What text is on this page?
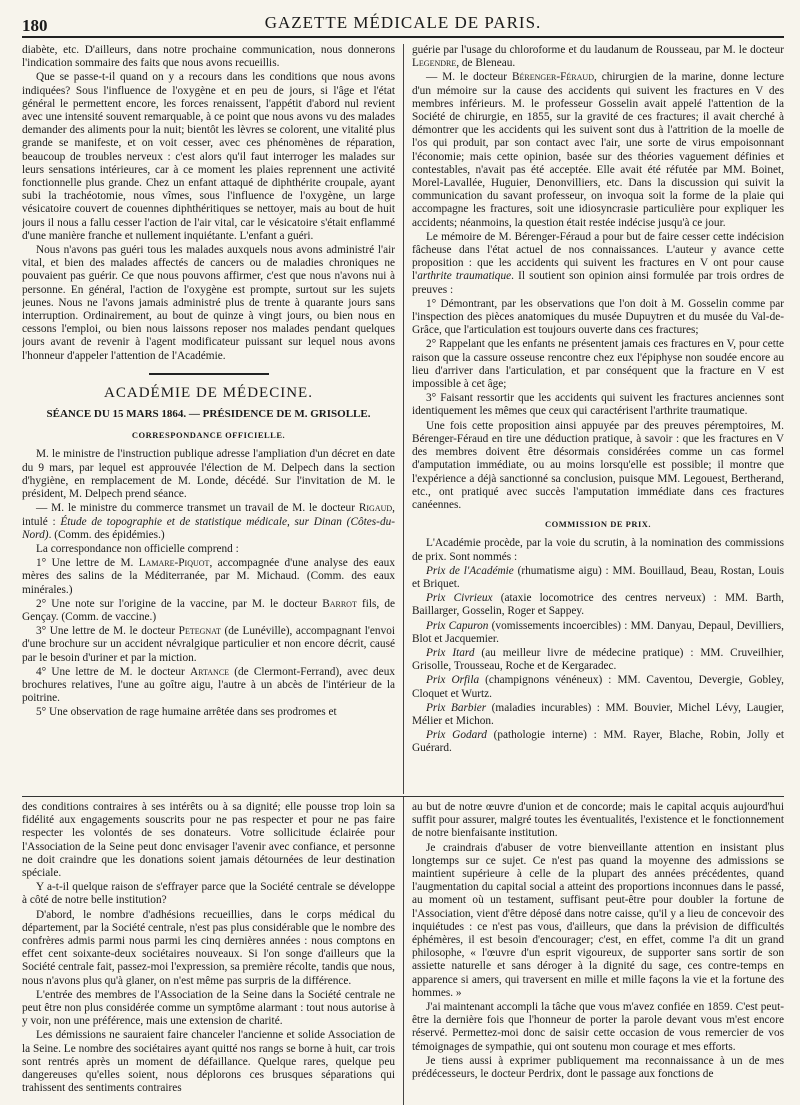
180	GAZETTE MÉDICALE DE PARIS.

diabète, etc. D'ailleurs, dans notre prochaine communication, nous donnerons l'indication sommaire des faits que nous avons recueillis.

Que se passe-t-il quand on y a recours dans les conditions que nous avons indiquées? Sous l'influence de l'oxygène et en peu de jours, si l'âge et l'état général le permettent encore, les forces renaissent, l'appétit d'abord nul revient avec une intensité souvent remarquable, à ce point que nous avons vu des malades demander des aliments pour la nuit; bientôt les lèvres se colorent, une vitalité plus grande se manifeste, et on voit cesser, avec ces phénomènes de réparation, beaucoup de troubles nerveux : c'est alors qu'il faut interroger les malades sur leurs sensations intérieures, car à ce moment les plaies reprennent une activité fonctionnelle plus grande. Chez un enfant attaqué de diphthérite croupale, ayant subi la trachéotomie, nous vîmes, sous l'influence de l'oxygène, un large vésicatoire couvert de couennes diphthéritiques se nettoyer, mais au bout de huit jours il nous a fallu cesser l'action de l'air vital, car le vésicatoire s'était enflammé d'une manière franche et nullement inquiétante. L'enfant a guéri.

Nous n'avons pas guéri tous les malades auxquels nous avons administré l'air vital, et bien des malades affectés de cancers ou de maladies chroniques ne pouvaient pas guérir. Ce que nous pouvons affirmer, c'est que nous n'avons nui à personne. En général, l'action de l'oxygène est prompte, surtout sur les sujets jeunes. Nous ne l'avons jamais administré plus de trente à quarante jours sans interruption. Ordinairement, au bout de quinze à vingt jours, ou bien nous en cessons l'emploi, ou bien nous laissons reposer nos malades pendant quelques jours avant de revenir à l'agent modificateur puissant sur lequel nous avons l'honneur d'appeler l'attention de l'Académie.

ACADÉMIE DE MÉDECINE.
SÉANCE DU 15 MARS 1864. — PRÉSIDENCE DE M. GRISOLLE.
CORRESPONDANCE OFFICIELLE.

M. le ministre de l'instruction publique adresse l'ampliation d'un décret en date du 9 mars, par lequel est approuvée l'élection de M. Delpech dans la section d'hygiène, en remplacement de M. Londe, décédé. Sur l'invitation de M. le président, M. Delpech prend séance.

— M. le ministre du commerce transmet un travail de M. le docteur Rigaud, intulé : Étude de topographie et de statistique médicale, sur Dinan (Côtes-du-Nord). (Comm. des épidémies.)

La correspondance non officielle comprend :

1° Une lettre de M. Lamare-Piquot, accompagnée d'une analyse des eaux mères des salins de la Méditerranée, par M. Michaud. (Comm. des eaux minérales.)

2° Une note sur l'origine de la vaccine, par M. le docteur Barrot fils, de Gençay. (Comm. de vaccine.)

3° Une lettre de M. le docteur Petegnat (de Lunéville), accompagnant l'envoi d'une brochure sur un accident névralgique particulier et non encore décrit, causé par le besoin d'uriner et par la miction.

4° Une lettre de M. le docteur Artance (de Clermont-Ferrand), avec deux brochures relatives, l'une au goître aigu, l'autre à un abcès de l'intérieur de la poitrine.

5° Une observation de rage humaine arrêtée dans ses prodromes et

guérie par l'usage du chloroforme et du laudanum de Rousseau, par M. le docteur Legendre, de Bleneau.

— M. le docteur Bérenger-Féraud, chirurgien de la marine, donne lecture d'un mémoire sur la cause des accidents qui suivent les fractures en V des membres inférieurs. M. le professeur Gosselin avait appelé l'attention de la Société de chirurgie, en 1855, sur la gravité de ces fractures; il avait cherché à démontrer que les accidents qui les suivent sont dus à l'attrition de la moelle de l'os qui produit, par son contact avec l'air, une sorte de virus empoisonnant l'économie; mais cette opinion, basée sur des théories vaguement définies et contestables, n'avait pas été acceptée. Elle avait été réfutée par MM. Boinet, Morel-Lavallée, Huguier, Denonvilliers, etc. Dans la discussion qui suivit la communication du savant professeur, on invoqua soit la forme de la plaie qui accompagne les fractures, soit une idiosyncrasie particulière pour expliquer les accidents; néanmoins, la question était restée indécise jusqu'à ce jour.

Le mémoire de M. Bérenger-Féraud a pour but de faire cesser cette indécision fâcheuse dans l'état actuel de nos connaissances. L'auteur y avance cette proposition : que les accidents qui suivent les fractures en V ont pour cause l'arthrite traumatique. Il soutient son opinion ainsi formulée par trois ordres de preuves :

1° Démontrant, par les observations que l'on doit à M. Gosselin comme par l'inspection des pièces anatomiques du musée Dupuytren et du musée du Val-de-Grâce, que l'articulation est toujours ouverte dans ces fractures;

2° Rappelant que les enfants ne présentent jamais ces fractures en V, pour cette raison que la cassure osseuse rencontre chez eux l'épiphyse non soudée encore au lieu d'arriver dans l'articulation, et par conséquent que la fracture en V est impossible à cet âge;

3° Faisant ressortir que les accidents qui suivent les fractures anciennes sont identiquement les mêmes que ceux qui caractérisent l'arthrite traumatique.

Une fois cette proposition ainsi appuyée par des preuves péremptoires, M. Bérenger-Féraud en tire une déduction pratique, à savoir : que les fractures en V des membres doivent être désormais considérées comme un cas formel d'amputation immédiate, ou au moins lorsqu'elle est possible; il montre que l'expérience a déjà sanctionné sa conclusion, puisque MM. Legouest, Bertherand, etc., ont pratiqué avec succès l'amputation immédiate dans ces fractures canéennes.

COMMISSION DE PRIX.

L'Académie procède, par la voie du scrutin, à la nomination des commissions de prix. Sont nommés :

Prix de l'Académie (rhumatisme aigu) : MM. Bouillaud, Beau, Rostan, Louis et Briquet.

Prix Civrieux (ataxie locomotrice des centres nerveux) : MM. Barth, Baillarger, Gosselin, Roger et Sappey.

Prix Capuron (vomissements incoercibles) : MM. Danyau, Depaul, Devilliers, Blot et Jacquemier.

Prix Itard (au meilleur livre de médecine pratique) : MM. Cruveilhier, Grisolle, Trousseau, Roche et de Kergaradec.

Prix Orfila (champignons vénéneux) : MM. Caventou, Devergie, Gobley, Cloquet et Wurtz.

Prix Barbier (maladies incurables) : MM. Bouvier, Michel Lévy, Laugier, Mélier et Michon.

Prix Godard (pathologie interne) : MM. Rayer, Blache, Robin, Jolly et Guérard.

des conditions contraires à ses intérêts ou à sa dignité; elle pousse trop loin sa fidélité aux engagements souscrits pour ne pas respecter et pour ne pas faire respecter les volontés de ses donateurs. Votre sollicitude éclairée pour l'Association de la Seine peut donc envisager l'avenir avec confiance, et personne ne doit craindre que les donations soient jamais détournées de leur destination spéciale.

Y a-t-il quelque raison de s'effrayer parce que la Société centrale se développe à côté de notre belle institution?

D'abord, le nombre d'adhésions recueillies, dans le corps médical du département, par la Société centrale, n'est pas plus considérable que le nombre des confrères admis parmi nous parmi les cinq dernières années : nous comptons en effet cent soixante-deux sociétaires nouveaux. Si l'on songe d'ailleurs que la Société centrale fait, passez-moi l'expression, sa première récolte, tandis que nous, nous n'avons plus qu'à glaner, on n'est même pas surpris de la différence.

L'entrée des membres de l'Association de la Seine dans la Société centrale ne peut être non plus considérée comme un symptôme alarmant : tout nous autorise à y voir, non une préférence, mais une extension de charité.

Les démissions ne sauraient faire chanceler l'ancienne et solide Association de la Seine. Le nombre des sociétaires ayant quitté nos rangs se borne à huit, car trois sont rentrés après un moment de défaillance. Quelque rares, quelque peu dangereuses qu'elles soient, nous déplorons ces brusques séparations qui trahissent des sentiments contraires

au but de notre œuvre d'union et de concorde; mais le capital acquis aujourd'hui suffit pour assurer, malgré toutes les éventualités, l'existence et le fonctionnement de notre bienfaisante institution.

Je craindrais d'abuser de votre bienveillante attention en insistant plus longtemps sur ce sujet. Ce n'est pas quand la moyenne des admissions se maintient supérieure à celle de la plupart des années précédentes, quand l'augmentation du capital social a atteint des proportions inconnues dans le passé, au moment où un testament, suffisant peut-être pour doubler la fortune de l'Association, vient d'être déposé dans notre caisse, qu'il y a lieu de concevoir des inquiétudes : ce n'est pas vous, d'ailleurs, que dans la prévision de difficultés éphémères, il est besoin d'encourager; c'est, en effet, comme l'a dit un grand philosophe, « l'œuvre d'un esprit vigoureux, de supporter sans sortir de son assiette naturelle et sans déroger à la dignité du sage, ces contre-temps en apparence si amers, qui traversent en mille et mille façons la vie et la fortune des hommes. »

J'ai maintenant accompli la tâche que vous m'avez confiée en 1859. C'est peut-être la dernière fois que l'honneur de porter la parole devant vous m'est encore réservé. Permettez-moi donc de saisir cette occasion de vous remercier de vos témoignages de sympathie, qui ont soutenu mon courage et mes efforts.

Je tiens aussi à exprimer publiquement ma reconnaissance à un de mes prédécesseurs, le docteur Perdrix, dont le passage aux fonctions de
